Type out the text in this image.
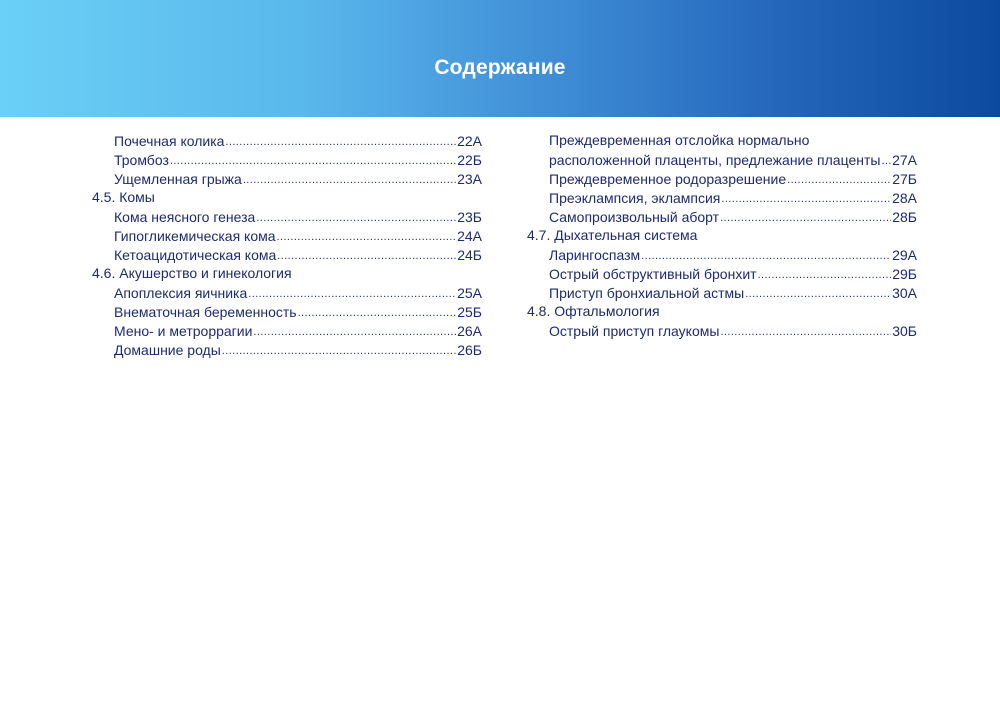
Содержание
Почечная колика .....	22А
Тромбоз .....	22Б
Ущемленная грыжа .....	23А
4.5. Комы
Кома неясного генеза .....	23Б
Гипогликемическая кома .....	24А
Кетоацидотическая кома .....	24Б
4.6. Акушерство и гинекология
Апоплексия яичника .....	25А
Внематочная беременность .....	25Б
Мено- и метроррагии .....	26А
Домашние роды .....	26Б
Преждевременная отслойка нормально
расположенной плаценты, предлежание плаценты ..... 27А
Преждевременное родоразрешение .....	27Б
Преэклампсия, эклампсия .....	28А
Самопроизвольный аборт .....	28Б
4.7. Дыхательная система
Ларингоспазм .....	29А
Острый обструктивный бронхит .....	29Б
Приступ бронхиальной астмы .....	30А
4.8. Офтальмология
Острый приступ глаукомы .....	30Б
